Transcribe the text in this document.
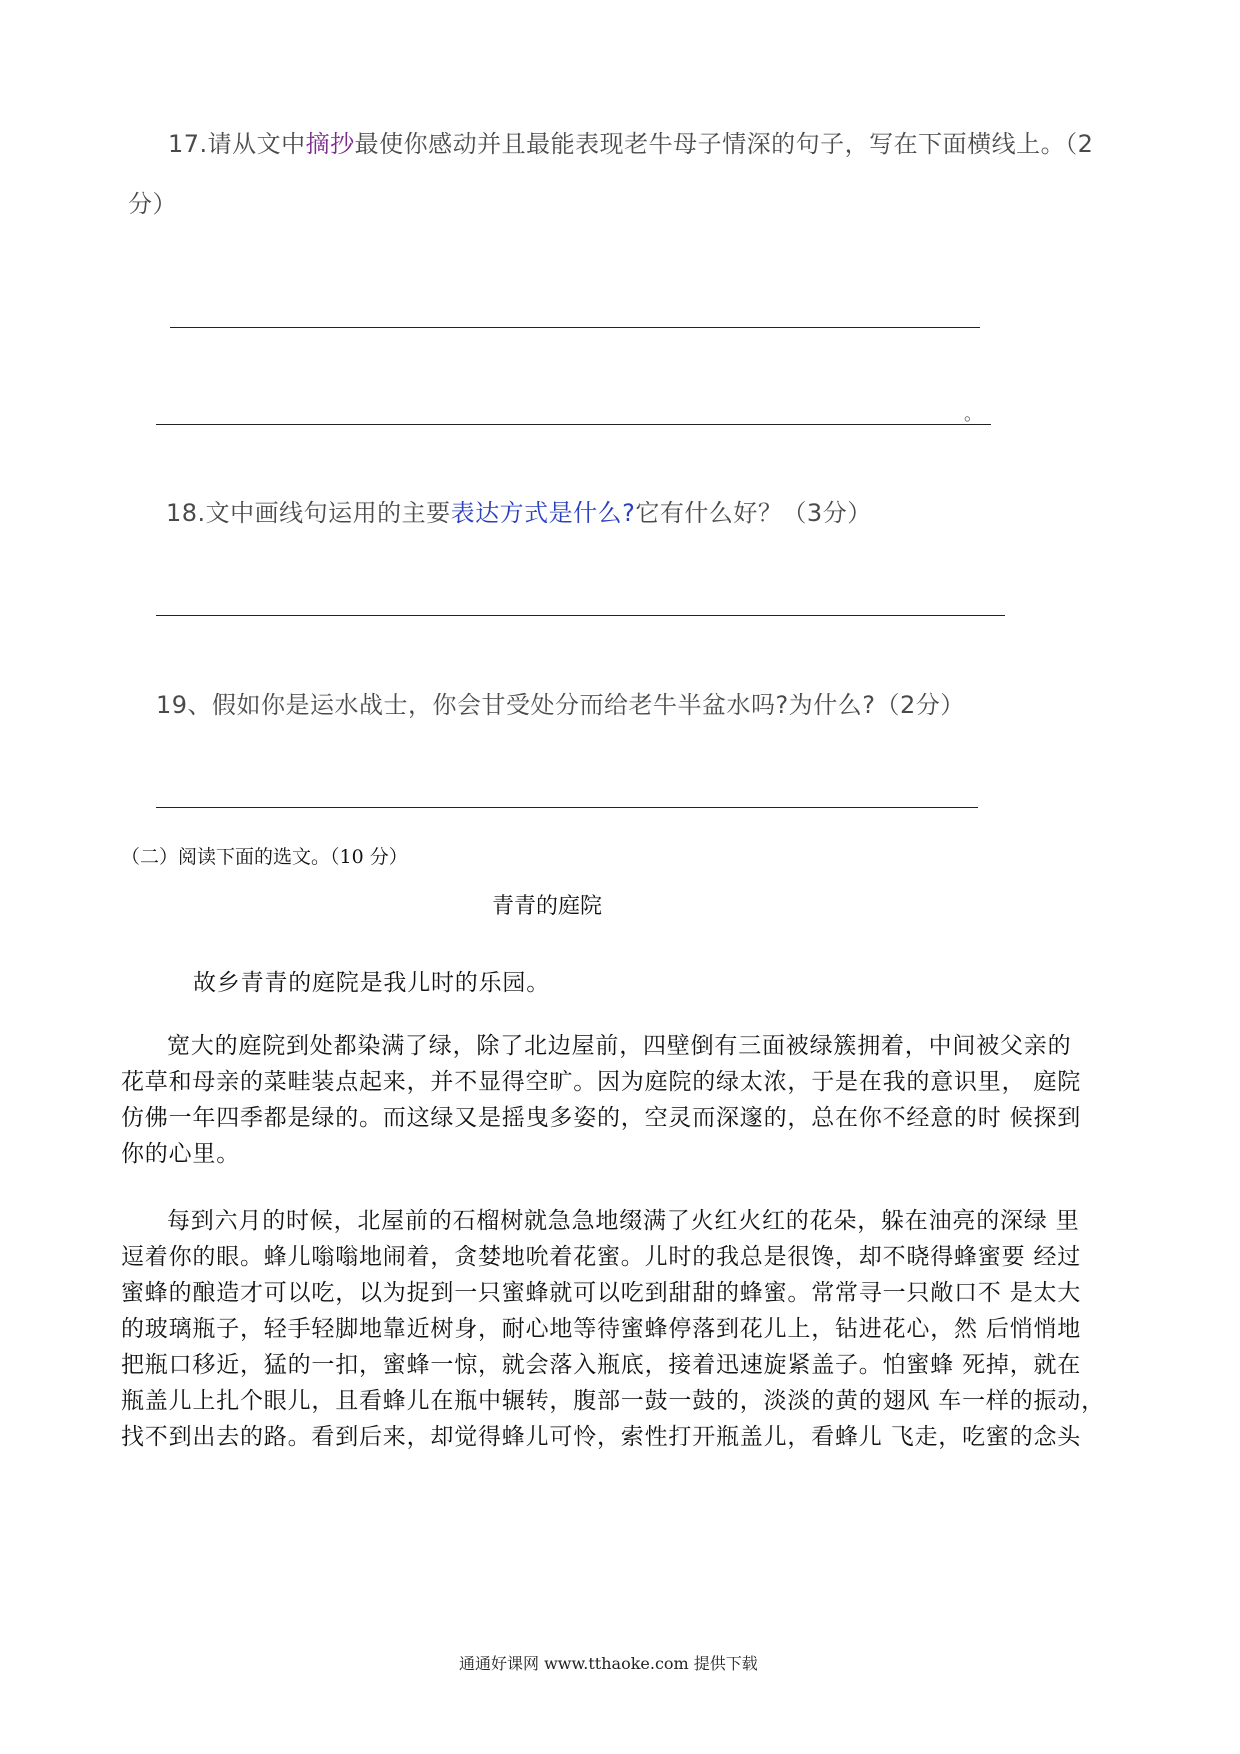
17.请从文中摘抄最使你感动并且最能表现老牛母子情深的句子，写在下面横线上。（2
分）
。
18.文中画线句运用的主要表达方式是什么?它有什么好？（3分）
19、假如你是运水战士，你会甘受处分而给老牛半盆水吗?为什么?（2分）
（二）阅读下面的选文。（10 分）
青青的庭院
故乡青青的庭院是我儿时的乐园。
宽大的庭院到处都染满了绿，除了北边屋前，四壁倒有三面被绿簇拥着，中间被父亲的
花草和母亲的菜畦装点起来，并不显得空旷。因为庭院的绿太浓，于是在我的意识里， 庭院
仿佛一年四季都是绿的。而这绿又是摇曳多姿的，空灵而深邃的，总在你不经意的时 候探到
你的心里。
每到六月的时候，北屋前的石榴树就急急地缀满了火红火红的花朵，躲在油亮的深绿 里
逗着你的眼。蜂儿嗡嗡地闹着，贪婪地吮着花蜜。儿时的我总是很馋，却不晓得蜂蜜要 经过
蜜蜂的酿造才可以吃，以为捉到一只蜜蜂就可以吃到甜甜的蜂蜜。常常寻一只敞口不 是太大
的玻璃瓶子，轻手轻脚地靠近树身，耐心地等待蜜蜂停落到花儿上，钻进花心，然 后悄悄地
把瓶口移近，猛的一扣，蜜蜂一惊，就会落入瓶底，接着迅速旋紧盖子。怕蜜蜂 死掉，就在
瓶盖儿上扎个眼儿，且看蜂儿在瓶中辗转，腹部一鼓一鼓的，淡淡的黄的翅风 车一样的振动，
找不到出去的路。看到后来，却觉得蜂儿可怜，索性打开瓶盖儿，看蜂儿 飞走，吃蜜的念头
通通好课网 www.tthaoke.com 提供下载
